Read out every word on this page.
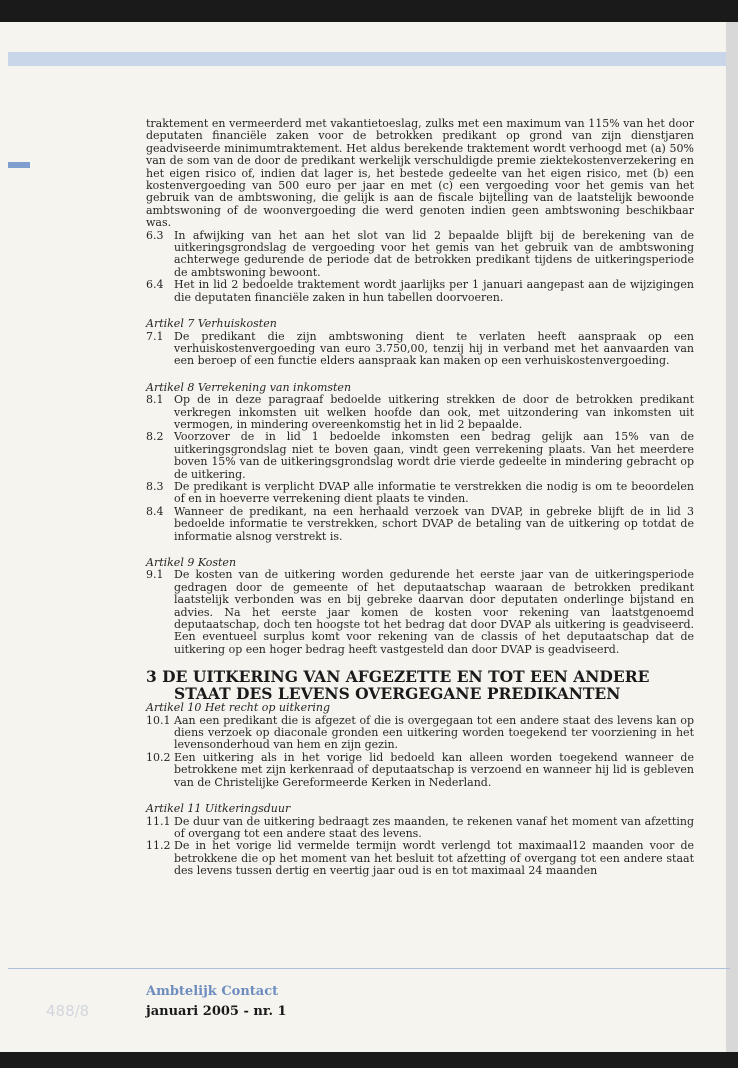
traktement en vermeerderd met vakantietoeslag, zulks met een maximum van 115% van het door deputaten financiële zaken voor de betrokken predikant op grond van zijn dienstjaren geadviseerde minimumtraktement. Het aldus berekende traktement wordt verhoogd met (a) 50% van de som van de door de predikant werkelijk verschuldigde premie ziektekostenverzekering en het eigen risico of, indien dat lager is, het bestede gedeelte van het eigen risico, met (b) een kostenvergoeding van 500 euro per jaar en met (c) een vergoeding voor het gemis van het gebruik van de ambtswoning, die gelijk is aan de fiscale bijtelling van de laatstelijk bewoonde ambtswoning of de woonvergoeding die werd genoten indien geen ambtswoning beschikbaar was.

6.3 In afwijking van het aan het slot van lid 2 bepaalde blijft bij de berekening van de uitkeringsgrondslag de vergoeding voor het gemis van het gebruik van de ambtswoning achterwege gedurende de periode dat de betrokken predikant tijdens de uitkeringsperiode de ambtswoning bewoont.
6.4 Het in lid 2 bedoelde traktement wordt jaarlijks per 1 januari aangepast aan de wijzigingen die deputaten financiële zaken in hun tabellen doorvoeren.
Artikel 7 Verhuiskosten
7.1 De predikant die zijn ambtswoning dient te verlaten heeft aanspraak op een verhuiskostenvergoeding van euro 3.750,00, tenzij hij in verband met het aanvaarden van een beroep of een functie elders aanspraak kan maken op een verhuiskostenvergoeding.
Artikel 8 Verrekening van inkomsten
8.1 Op de in deze paragraaf bedoelde uitkering strekken de door de betrokken predikant verkregen inkomsten uit welken hoofde dan ook, met uitzondering van inkomsten uit vermogen, in mindering overeenkomstig het in lid 2 bepaalde.
8.2 Voorzover de in lid 1 bedoelde inkomsten een bedrag gelijk aan 15% van de uitkeringsgrondslag niet te boven gaan, vindt geen verrekening plaats. Van het meerdere boven 15% van de uitkeringsgrondslag wordt drie vierde gedeelte in mindering gebracht op de uitkering.
8.3 De predikant is verplicht DVAP alle informatie te verstrekken die nodig is om te beoordelen of en in hoeverre verrekening dient plaats te vinden.
8.4 Wanneer de predikant, na een herhaald verzoek van DVAP, in gebreke blijft de in lid 3 bedoelde informatie te verstrekken, schort DVAP de betaling van de uitkering op totdat de informatie alsnog verstrekt is.
Artikel 9 Kosten
9.1 De kosten van de uitkering worden gedurende het eerste jaar van de uitkeringsperiode gedragen door de gemeente of het deputaatschap waaraan de betrokken predikant laatstelijk verbonden was en bij gebreke daarvan door deputaten onderlinge bijstand en advies. Na het eerste jaar komen de kosten voor rekening van laatstgenoemd deputaatschap, doch ten hoogste tot het bedrag dat door DVAP als uitkering is geadviseerd. Een eventueel surplus komt voor rekening van de classis of het deputaatschap dat de uitkering op een hoger bedrag heeft vastgesteld dan door DVAP is geadviseerd.
3 DE UITKERING VAN AFGEZETTE EN TOT EEN ANDERE
STAAT DES LEVENS OVERGEGANE PREDIKANTEN
Artikel 10 Het recht op uitkering
10.1 Aan een predikant die is afgezet of die is overgegaan tot een andere staat des levens kan op diens verzoek op diaconale gronden een uitkering worden toegekend ter voorziening in het levensonderhoud van hem en zijn gezin.
10.2 Een uitkering als in het vorige lid bedoeld kan alleen worden toegekend wanneer de betrokkene met zijn kerkenraad of deputaatschap is verzoend en wanneer hij lid is gebleven van de Christelijke Gereformeerde Kerken in Nederland.
Artikel 11 Uitkeringsduur
11.1 De duur van de uitkering bedraagt zes maanden, te rekenen vanaf het moment van afzetting of overgang tot een andere staat des levens.
11.2 De in het vorige lid vermelde termijn wordt verlengd tot maximaal12 maanden voor de betrokkene die op het moment van het besluit tot afzetting of overgang tot een andere staat des levens tussen dertig en veertig jaar oud is en tot maximaal 24 maanden
488/8
Ambtelijk Contact
januari 2005 - nr. 1
